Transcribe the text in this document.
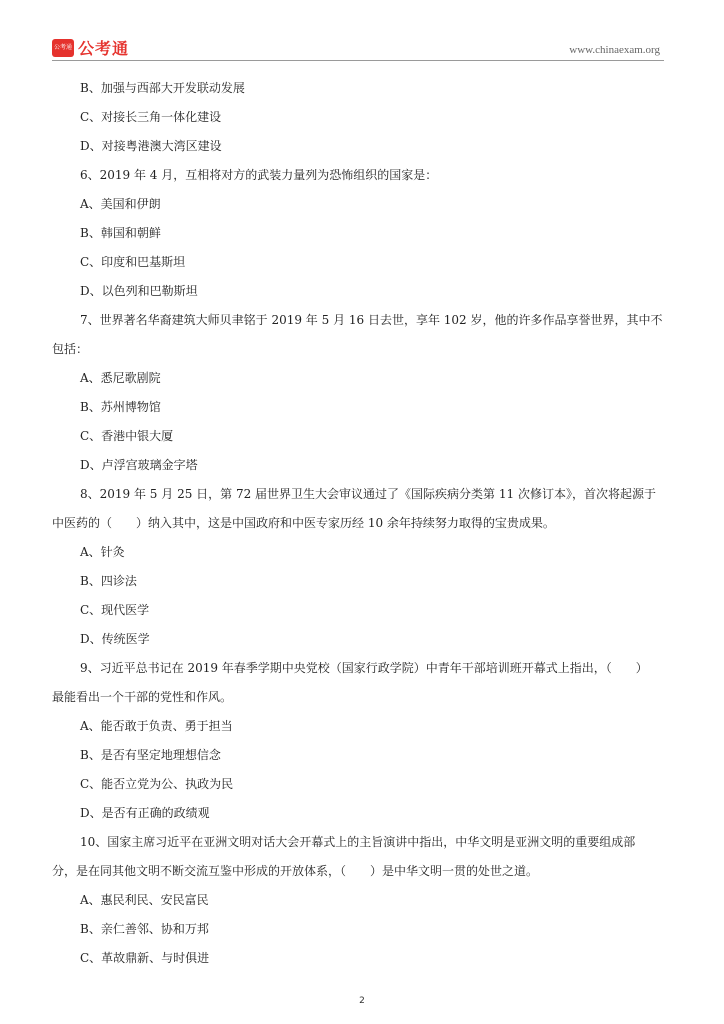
公考通 公考通	www.chinaexam.org
B、加强与西部大开发联动发展
C、对接长三角一体化建设
D、对接粤港澳大湾区建设
6、2019 年 4 月，互相将对方的武装力量列为恐怖组织的国家是：
A、美国和伊朗
B、韩国和朝鲜
C、印度和巴基斯坦
D、以色列和巴勒斯坦
7、世界著名华裔建筑大师贝聿铭于 2019 年 5 月 16 日去世，享年 102 岁，他的许多作品享誉世界，其中不
包括：
A、悉尼歌剧院
B、苏州博物馆
C、香港中银大厦
D、卢浮宫玻璃金字塔
8、2019 年 5 月 25 日，第 72 届世界卫生大会审议通过了《国际疾病分类第 11 次修订本》，首次将起源于
中医药的（　　）纳入其中，这是中国政府和中医专家历经 10 余年持续努力取得的宝贵成果。
A、针灸
B、四诊法
C、现代医学
D、传统医学
9、习近平总书记在 2019 年春季学期中央党校（国家行政学院）中青年干部培训班开幕式上指出，（　　）
最能看出一个干部的党性和作风。
A、能否敢于负责、勇于担当
B、是否有坚定地理想信念
C、能否立党为公、执政为民
D、是否有正确的政绩观
10、国家主席习近平在亚洲文明对话大会开幕式上的主旨演讲中指出，中华文明是亚洲文明的重要组成部
分，是在同其他文明不断交流互鉴中形成的开放体系，（　　）是中华文明一贯的处世之道。
A、惠民利民、安民富民
B、亲仁善邻、协和万邦
C、革故鼎新、与时俱进
2
